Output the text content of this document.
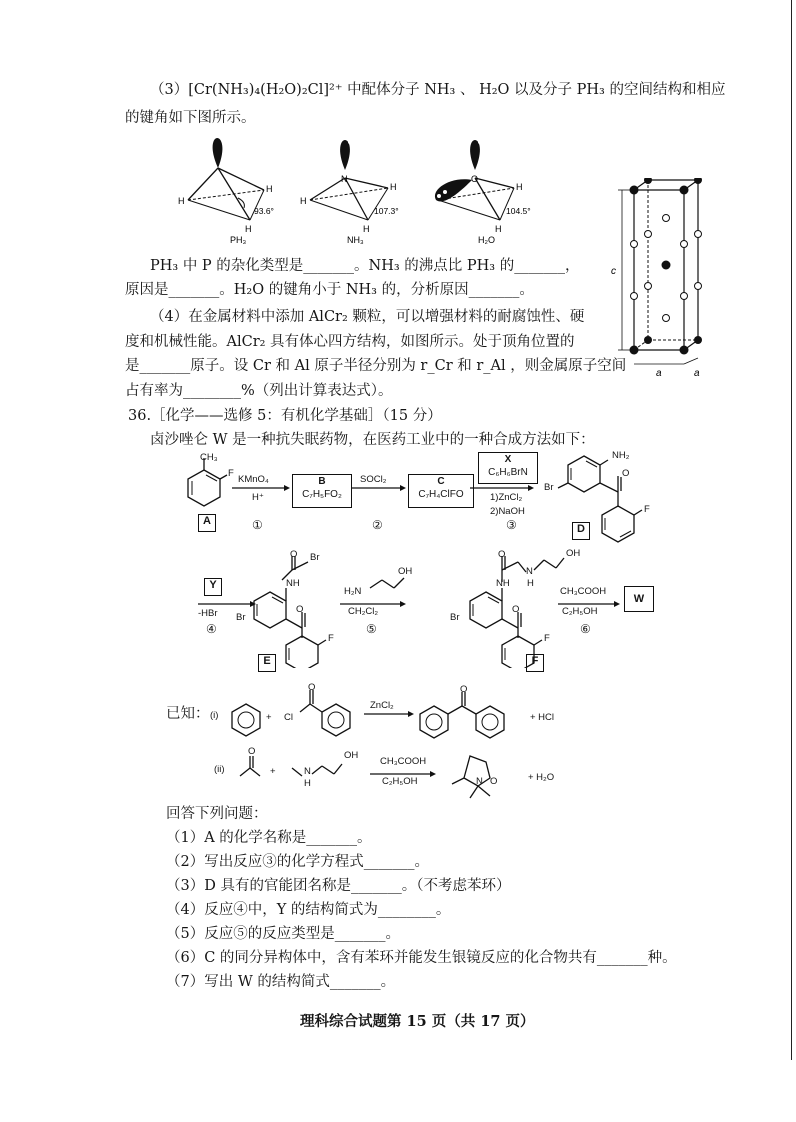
（3）[Cr(NH₃)₄(H₂O)₂Cl]²⁺ 中配体分子 NH₃ 、 H₂O 以及分子 PH₃ 的空间结构和相应
的键角如下图所示。
H
H
H
93.6°
PH₃
N
H
H
H
107.3°
NH₃
O
H
H
104.5°
H₂O
PH₃ 中 P 的杂化类型是_______。NH₃ 的沸点比 PH₃ 的_______，
原因是_______。H₂O 的键角小于 NH₃ 的，分析原因_______。
（4）在金属材料中添加 AlCr₂ 颗粒，可以增强材料的耐腐蚀性、硬
度和机械性能。AlCr₂ 具有体心四方结构，如图所示。处于顶角位置的
是_______原子。设 Cr 和 Al 原子半径分别为 r_Cr 和 r_Al ，则金属原子空间
占有率为________%（列出计算表达式）。
c
a	a
36.［化学——选修 5：有机化学基础］（15 分）
卤沙唑仑 W 是一种抗失眠药物，在医药工业中的一种合成方法如下：
CH₃
F
A
KMnO₄
H⁺
①
B
C₇H₅FO₂
SOCl₂
②
C
C₇H₄ClFO
X
C₆H₆BrN
1)ZnCl₂
2)NaOH
③
NH₂
Br
O
F
D
Y
-HBr
④
O Br
NH
Br
O
F
E
H₂N
OH
CH₂Cl₂
⑤
O
NH
N
H
OH
Br
O
F
F
CH₃COOH
C₂H₅OH
⑥
W
已知： (i)	+ Cl
O
ZnCl₂
O
+ HCl
(ii)
O
+	N
H
OH
CH₃COOH
C₂H₅OH	N O	+ H₂O
回答下列问题：
（1）A 的化学名称是_______。
（2）写出反应③的化学方程式_______。
（3）D 具有的官能团名称是_______。（不考虑苯环）
（4）反应④中，Y 的结构简式为________。
（5）反应⑤的反应类型是_______。
（6）C 的同分异构体中，含有苯环并能发生银镜反应的化合物共有_______种。
（7）写出 W 的结构简式_______。
理科综合试题第 15 页（共 17 页）
